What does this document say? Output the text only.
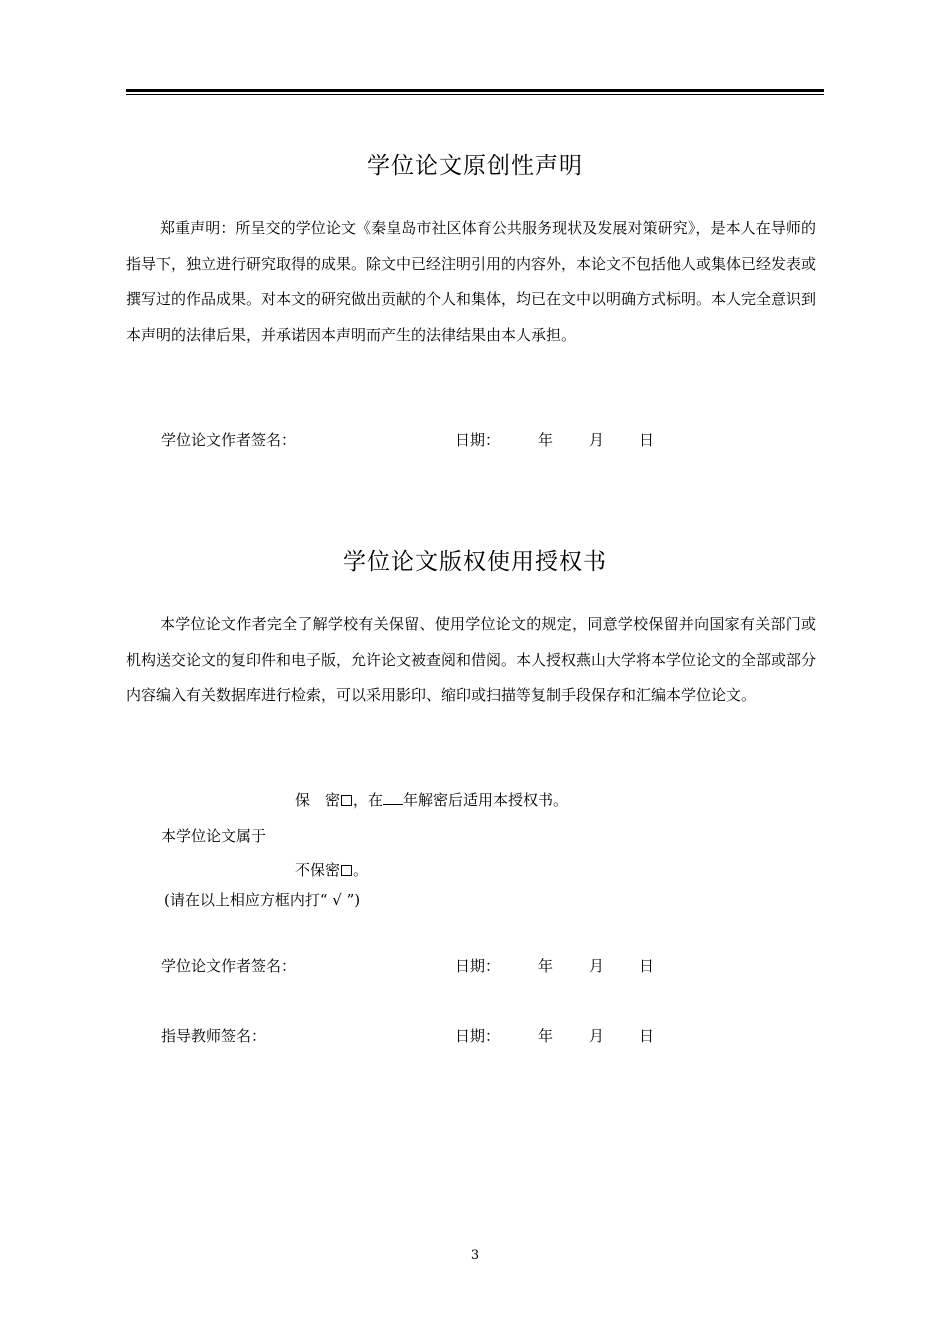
学位论文原创性声明

郑重声明：所呈交的学位论文《秦皇岛市社区体育公共服务现状及发展对策研究》，是本人在导师的指导下，独立进行研究取得的成果。除文中已经注明引用的内容外，本论文不包括他人或集体已经发表或撰写过的作品成果。对本文的研究做出贡献的个人和集体，均已在文中以明确方式标明。本人完全意识到本声明的法律后果，并承诺因本声明而产生的法律结果由本人承担。

学位论文作者签名：	日期：	年 月 日
学位论文版权使用授权书

本学位论文作者完全了解学校有关保留、使用学位论文的规定，同意学校保留并向国家有关部门或机构送交论文的复印件和电子版，允许论文被查阅和借阅。本人授权燕山大学将本学位论文的全部或部分内容编入有关数据库进行检索，可以采用影印、缩印或扫描等复制手段保存和汇编本学位论文。

保　密 ，在 年解密后适用本授权书。
本学位论文属于
不保密 。
(请在以上相应方框内打“ √ ”)
学位论文作者签名：	日期：	年 月 日
指导教师签名：	日期：	年 月 日
3
